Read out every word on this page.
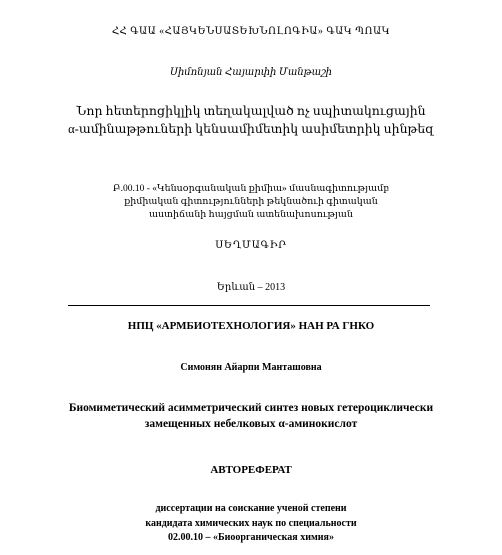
ՀՀ ԳԱԱ «ՀԱՅԿԵՆՍԱՏԵԽՆՈԼՈԳԻԱ» ԳԱԿ ՊՈԱԿ
Սիմոնյան Հայարփի Մանթաշի
Նոր հետերոցիկլիկ տեղակալված ոչ սպիտակուցային
α-ամինաթթուների կենսամիմետիկ ասիմետրիկ սինթեզ
Բ.00.10 - «Կենսօրգանական քիմիա» մասնագիտությամբ
քիմիական գիտությունների թեկնածուի գիտական
աստիճանի հայցման ատենախոսության
ՍԵՂՄԱԳԻՐ
Երևան – 2013
НПЦ «АРМБИОТЕХНОЛОГИЯ» НАН РА ГНКО
Симонян Айарпи Манташовна
Биомиметический асимметрический синтез новых гетероциклически
замещенных небелковых α-аминокислот
АВТОРЕФЕРАТ
диссертации на соискание ученой степени
кандидата химических наук по специальности
02.00.10 – «Биоорганическая химия»
